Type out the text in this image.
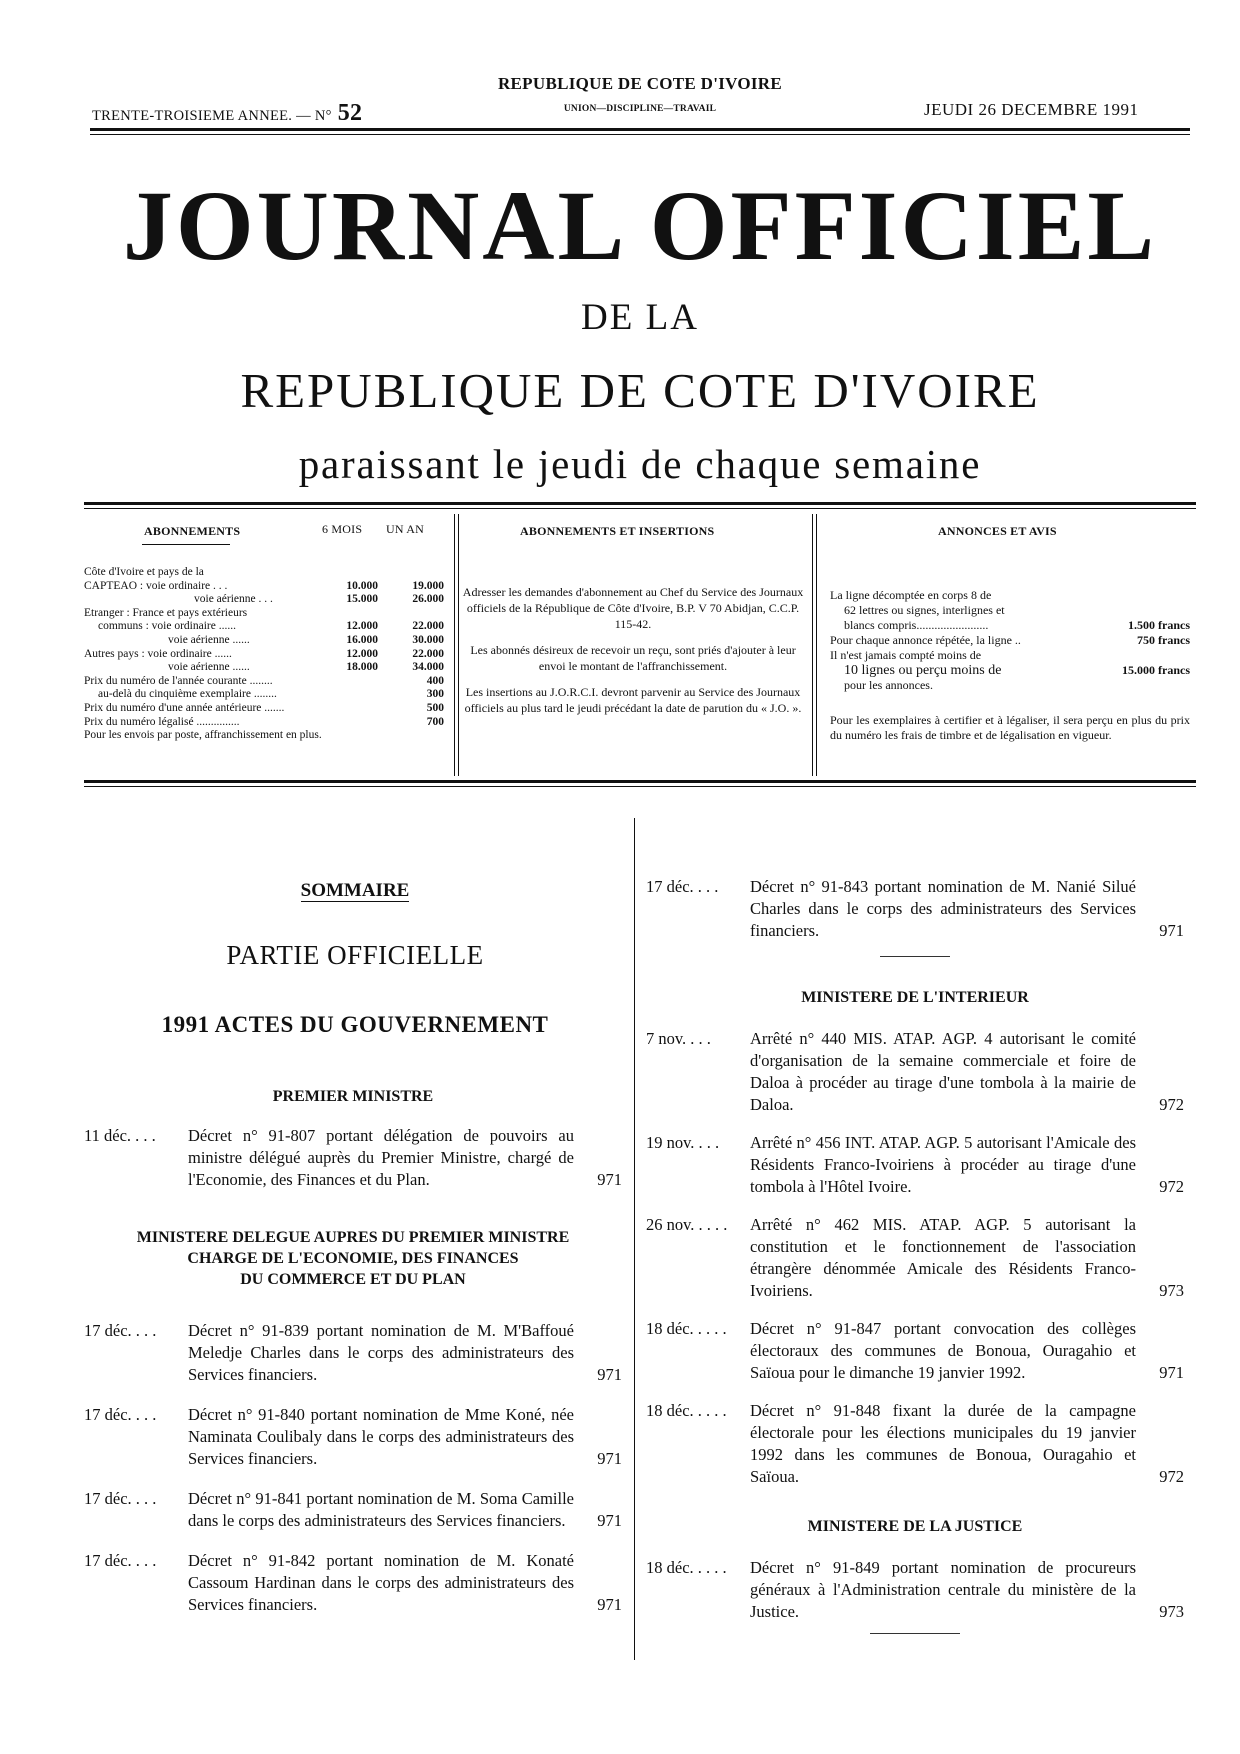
TRENTE-TROISIEME ANNEE. — N° 52
REPUBLIQUE DE COTE D'IVOIRE
UNION—DISCIPLINE—TRAVAIL	JEUDI 26 DECEMBRE 1991
JOURNAL OFFICIEL
DE LA
REPUBLIQUE DE COTE D'IVOIRE
paraissant le jeudi de chaque semaine
ABONNEMENTS	6 MOIS UN AN
Côte d'Ivoire et pays de la
CAPTEAO : voie ordinaire . . .	10.000	19.000
voie aérienne . . .	15.000	26.000
Etranger : France et pays extérieurs
communs : voie ordinaire ......	12.000	22.000
voie aérienne ......	16.000	30.000
Autres pays : voie ordinaire ......	12.000	22.000
voie aérienne ......	18.000	34.000
Prix du numéro de l'année courante ........	400
au-delà du cinquième exemplaire ........	300
Prix du numéro d'une année antérieure .......	500
Prix du numéro légalisé ...............	700
Pour les envois par poste, affranchissement en plus.
ABONNEMENTS ET INSERTIONS

Adresser les demandes d'abonnement au Chef du Service des Journaux officiels de la République de Côte d'Ivoire, B.P. V 70 Abidjan, C.C.P. 115-42.

Les abonnés désireux de recevoir un reçu, sont priés d'ajouter à leur envoi le montant de l'affranchissement.

Les insertions au J.O.R.C.I. devront parvenir au Service des Journaux officiels au plus tard le jeudi précédant la date de parution du « J.O. ».

ANNONCES ET AVIS
La ligne décomptée en corps 8 de
62 lettres ou signes, interlignes et
blancs compris........................	1.500 francs
Pour chaque annonce répétée, la ligne ..	750 francs
Il n'est jamais compté moins de
10 lignes ou perçu moins de	15.000 francs
pour les annonces.
Pour les exemplaires à certifier et à légaliser, il sera perçu en plus du prix du numéro les frais de timbre et de légalisation en vigueur.
SOMMAIRE
PARTIE OFFICIELLE
1991 ACTES DU GOUVERNEMENT
PREMIER MINISTRE
11 déc. . . .	Décret n° 91-807 portant délégation de pouvoirs au ministre délégué auprès du Premier Ministre, chargé de l'Economie, des Finances et du Plan.	971
MINISTERE DELEGUE AUPRES DU PREMIER MINISTRE
CHARGE DE L'ECONOMIE, DES FINANCES
DU COMMERCE ET DU PLAN
17 déc. . . .	Décret n° 91-839 portant nomination de M. M'Baffoué Meledje Charles dans le corps des administrateurs des Services financiers.	971
17 déc. . . .	Décret n° 91-840 portant nomination de Mme Koné, née Naminata Coulibaly dans le corps des administrateurs des Services financiers.	971
17 déc. . . .	Décret n° 91-841 portant nomination de M. Soma Camille dans le corps des administrateurs des Services financiers.	971
17 déc. . . .	Décret n° 91-842 portant nomination de M. Konaté Cassoum Hardinan dans le corps des administrateurs des Services financiers.	971
17 déc. . . .	Décret n° 91-843 portant nomination de M. Nanié Silué Charles dans le corps des administrateurs des Services financiers.	971
MINISTERE DE L'INTERIEUR
7 nov. . . .	Arrêté n° 440 MIS. ATAP. AGP. 4 autorisant le comité d'organisation de la semaine commerciale et foire de Daloa à procéder au tirage d'une tombola à la mairie de Daloa.	972
19 nov. . . .	Arrêté n° 456 INT. ATAP. AGP. 5 autorisant l'Amicale des Résidents Franco-Ivoiriens à procéder au tirage d'une tombola à l'Hôtel Ivoire.	972
26 nov. . . . .	Arrêté n° 462 MIS. ATAP. AGP. 5 autorisant la constitution et le fonctionnement de l'association étrangère dénommée Amicale des Résidents Franco-Ivoiriens.	973
18 déc. . . . .	Décret n° 91-847 portant convocation des collèges électoraux des communes de Bonoua, Ouragahio et Saïoua pour le dimanche 19 janvier 1992.	971
18 déc. . . . .	Décret n° 91-848 fixant la durée de la campagne électorale pour les élections municipales du 19 janvier 1992 dans les communes de Bonoua, Ouragahio et Saïoua.	972
MINISTERE DE LA JUSTICE
18 déc. . . . .	Décret n° 91-849 portant nomination de procureurs généraux à l'Administration centrale du ministère de la Justice.	973
